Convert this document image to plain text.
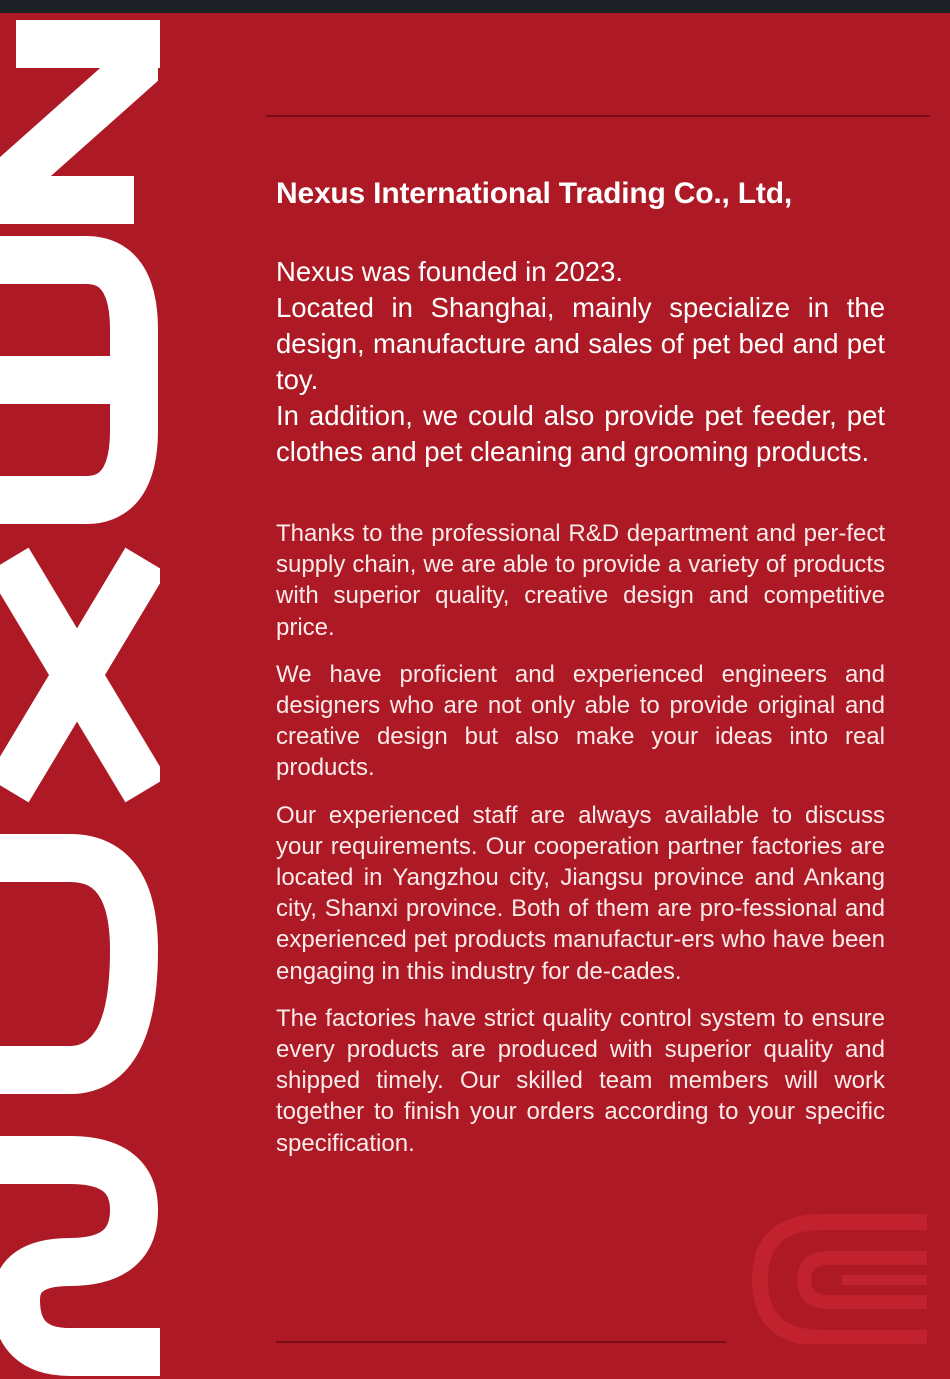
Nexus International Trading Co., Ltd,

Nexus was founded in 2023.
Located in Shanghai, mainly specialize in the design, manufacture and sales of pet bed and pet toy.
In addition, we could also provide pet feeder, pet clothes and pet cleaning and grooming products.

Thanks to the professional R&D department and per-fect supply chain, we are able to provide a variety of products with superior quality, creative design and competitive price.

We have proficient and experienced engineers and designers who are not only able to provide original and creative design but also make your ideas into real products.

Our experienced staff are always available to discuss your requirements. Our cooperation partner factories are located in Yangzhou city, Jiangsu province and Ankang city, Shanxi province. Both of them are pro-fessional and experienced pet products manufactur-ers who have been engaging in this industry for de-cades.

The factories have strict quality control system to ensure every products are produced with superior quality and shipped timely. Our skilled team members will work together to finish your orders according to your specific specification.
